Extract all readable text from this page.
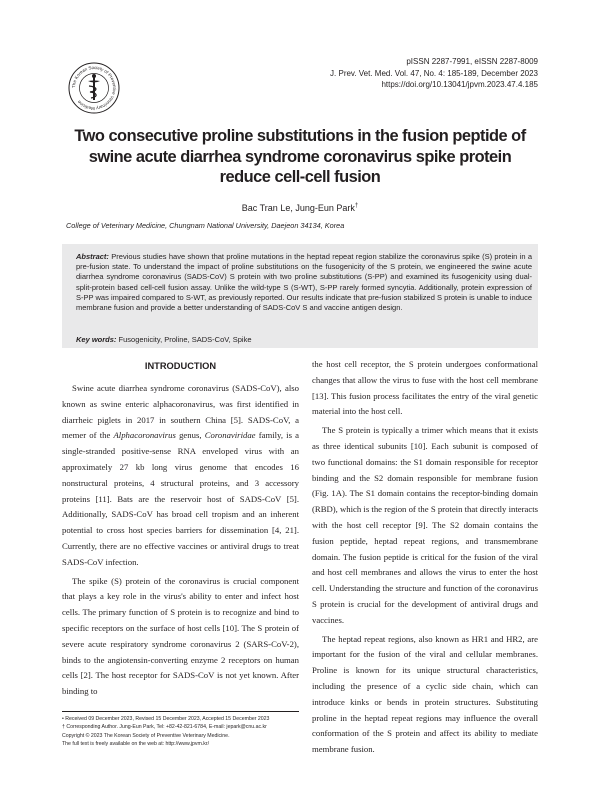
The Korean Society of Preventive Veterinary Medicine
pISSN 2287-7991, eISSN 2287-8009
J. Prev. Vet. Med. Vol. 47, No. 4: 185-189, December 2023
https://doi.org/10.13041/jpvm.2023.47.4.185
Two consecutive proline substitutions in the fusion peptide of
swine acute diarrhea syndrome coronavirus spike protein
reduce cell-cell fusion
Bac Tran Le, Jung-Eun Park†
College of Veterinary Medicine, Chungnam National University, Daejeon 34134, Korea

Abstract: Previous studies have shown that proline mutations in the heptad repeat region stabilize the coronavirus spike (S) protein in a pre-fusion state. To understand the impact of proline substitutions on the fusogenicity of the S protein, we engineered the swine acute diarrhea syndrome coronavirus (SADS-CoV) S protein with two proline substitutions (S-PP) and examined its fusogenicity using dual-split-protein based cell-cell fusion assay. Unlike the wild-type S (S-WT), S-PP rarely formed syncytia. Additionally, protein expression of S-PP was impaired compared to S-WT, as previously reported. Our results indicate that pre-fusion stabilized S protein is unable to induce membrane fusion and provide a better understanding of SADS-CoV S and vaccine antigen design.

Key words: Fusogenicity, Proline, SADS-CoV, Spike
INTRODUCTION

Swine acute diarrhea syndrome coronavirus (SADS-CoV), also known as swine enteric alphacoronavirus, was first identified in diarrheic piglets in 2017 in southern China [5]. SADS-CoV, a memer of the Alphacoronavirus genus, Coronaviridae family, is a single-stranded positive-sense RNA enveloped virus with an approximately 27 kb long virus genome that encodes 16 nonstructural proteins, 4 structural proteins, and 3 accessory proteins [11]. Bats are the reservoir host of SADS-CoV [5]. Additionally, SADS-CoV has broad cell tropism and an inherent potential to cross host species barriers for dissemination [4, 21]. Currently, there are no effective vaccines or antiviral drugs to treat SADS-CoV infection.

The spike (S) protein of the coronavirus is crucial component that plays a key role in the virus's ability to enter and infect host cells. The primary function of S protein is to recognize and bind to specific receptors on the surface of host cells [10]. The S protein of severe acute respiratory syndrome coronavirus 2 (SARS-CoV-2), binds to the angiotensin-converting enzyme 2 receptors on human cells [2]. The host receptor for SADS-CoV is not yet known. After binding to

the host cell receptor, the S protein undergoes conformational changes that allow the virus to fuse with the host cell membrane [13]. This fusion process facilitates the entry of the viral genetic material into the host cell.

The S protein is typically a trimer which means that it exists as three identical subunits [10]. Each subunit is composed of two functional domains: the S1 domain responsible for receptor binding and the S2 domain responsible for membrane fusion (Fig. 1A). The S1 domain contains the receptor-binding domain (RBD), which is the region of the S protein that directly interacts with the host cell receptor [9]. The S2 domain contains the fusion peptide, heptad repeat regions, and transmembrane domain. The fusion peptide is critical for the fusion of the viral and host cell membranes and allows the virus to enter the host cell. Understanding the structure and function of the coronavirus S protein is crucial for the development of antiviral drugs and vaccines.

The heptad repeat regions, also known as HR1 and HR2, are important for the fusion of the viral and cellular membranes. Proline is known for its unique structural characteristics, including the presence of a cyclic side chain, which can introduce kinks or bends in protein structures. Substituting proline in the heptad repeat regions may influence the overall conformation of the S protein and affect its ability to mediate membrane fusion.

• Received 09 December 2023, Revised 15 December 2023, Accepted 15 December 2023
† Corresponding Author. Jung-Eun Park, Tel: +82-42-821-6784, E-mail: jepark@cnu.ac.kr
Copyright © 2023 The Korean Society of Preventive Veterinary Medicine.
The full text is freely available on the web at: http://www.jpvm.kr/
